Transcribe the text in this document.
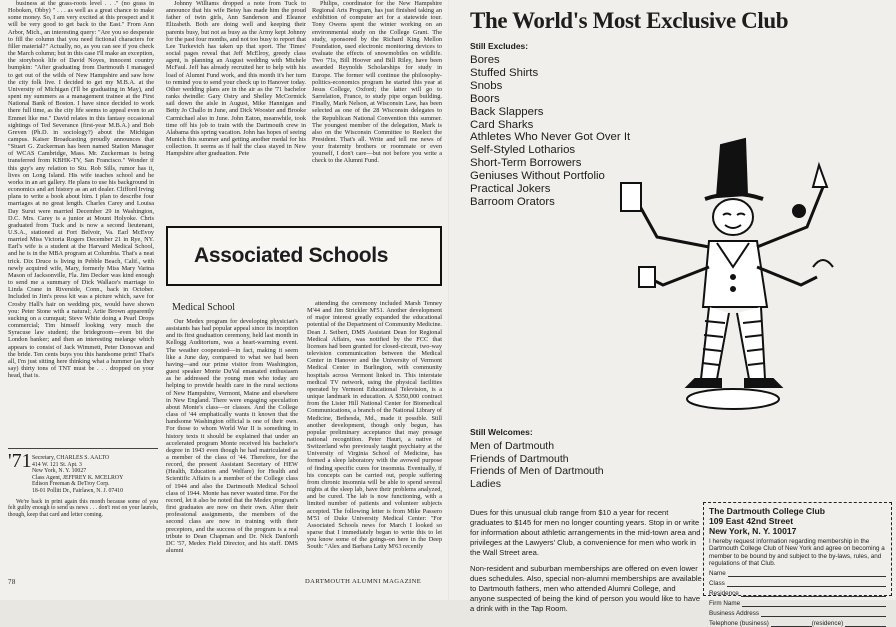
business at the grass-roots level . . ." (no grass in Hoboken, Obby) " . . . as well as a great chance to make some money. So, I am very excited at this prospect and it will be very good to get back to the East." From Ann Arbor, Mich., an interesting query: "Are you so desperate to fill the column that you need fictional characters for filler material?" Actually, no, as you can see if you check the March column; but in this case I'll make an exception, the storybook life of David Noyes, innocent country bumpkin: "After graduating from Dartmouth I managed to get out of the wilds of New Hampshire and saw how the city folk live. I decided to get my M.B.A. at the University of Michigan (I'll be graduating in May), and spent my summers as a management trainee at the First National Bank of Boston. I have since decided to work there full time, as the city life seems to appeal even to an Emmet like me." David relates in this fantasy occasional sightings of Ted Severance (first-year M.B.A.) and Bob Greven (Ph.D. in sociology?) about the Michigan campus. Kaiser Broadcasting proudly announces that "Stuart G. Zuckerman has been named Station Manager of WCAS Cambridge, Mass. Mr. Zuckerman is being transferred from KBHK-TV, San Francisco." Wonder if this guy's any relation to Stu. Rob Sills, rumor has it, lives on Long Island. His wife teaches school and he works in an art gallery. He plans to use his background in economics and art history as an art dealer. Clifford Irving plans to write a book about him. I plan to describe four marriages at no great length. Charles Carey and Louisa Day Surut were married December 29 in Washington, D.C. Mrs. Carey is a junior at Mount Holyoke. Chris graduated from Tuck and is now a second lieutenant, U.S.A., stationed at Fort Belvoir, Va. Earl McEvoy married Miss Victoria Rogers December 21 in Rye, NY. Earl's wife is a student at the Harvard Medical School, and he is in the MBA program at Columbia. That's a neat trick. Dix Druce is living in Pebble Beach, Calif., with newly acquired wife, Mary, formerly Miss Mary Varina Mason of Jacksonville, Fla. Jim Decker was kind enough to send me a summary of Dick Wallace's marriage to Linda Crane in Riverside, Conn., back in October. Included in Jim's press kit was a picture which, save for Crosby Hall's hair on wedding pix, would have shown you: Peter Stone with a natural; Artie Brown apparently sucking on a cumquat; Steve White doing a Pearl Drops commercial; Tim himself looking very much the Syracuse law student; the bridegroom—even bit the London banker; and then an interesting melange which appears to consist of Jack Wimmett, Peter Donovan and the bride. Ten cents buys you this handsome print! That's all, I'm just sitting here thinking what a hummer (as they say) thirty tons of TNT must be . . . dropped on your head, that is.

'71 Secretary, CHARLES S. AALTO
414 W. 121 St. Apt. 3
New York, N. Y. 10027
Class Agent, JEFFREY K. MCELROY
Edison Freeman & DeTroy Corp.
18-01 Pollitt Dr., Fairlawn, N. J. 07410
We're back in print again this month because some of you felt guilty enough to send us news . . . don't rest on your laurels, though, keep that card and letter coming.

Johnny Williams dropped a note from Tuck to announce that his wife Betsy has made him the proud father of twin girls, Ann Sanderson and Eleanor Elizabeth. Both are doing well and keeping their parents busy, but not as busy as the Army kept Johnny for the past four months, and not too busy to report that Lee Turkevich has taken up that sport. The Times' social pages reveal that Jeff McElroy, greedy class agent, is planning an August wedding with Michele McFaul. Jeff has already recruited her to help with his load of Alumni Fund work, and this month it's her turn to remind you to send your check up to Hanover today. Other wedding plans are in the air as the '71 bachelor ranks dwindle: Gary Ostry and Shelley McCormick sail down the aisle in August, Mike Hannigan and Betty Jo Challo in June, and Dick Wooster and Brooke Carmichael also in June. John Eaton, meanwhile, took time off his job to train with the Dartmouth crew in Alabama this spring vacation. John has hopes of seeing Munich this summer and getting another medal for his collection. It seems as if half the class stayed in New Hampshire after graduation. Pete

Philips, coordinator for the New Hampshire Regional Arts Program, has just finished taking an exhibition of computer art for a statewide tour. Tony Owens spent the winter working on an environmental study on the College Grant. The study, sponsored by the Richard King Mellon Foundation, used electronic monitoring devices to evaluate the effects of snowmobiles on wildlife. Two '71s, Bill Hoover and Bill Riley, have been awarded Reynolds Scholarships for study in Europe. The former will continue the philosophy-politics-economics program he started this year at Jesus College, Oxford; the latter will go to Sarrelation, France, to study pipe organ building. Finally, Mark Nelson, at Wisconsin Law, has been selected as one of the 28 Wisconsin delegates to the Republican National Convention this summer. The youngest member of the delegation, Mark is also on the Wisconsin Committee to Reelect the President. That's all. Write and tell me news of your fraternity brothers or roommate or even yourself, I don't care—but not before you write a check to the Alumni Fund.

Associated Schools
Medical School

Our Medex program for developing physician's assistants has had popular appeal since its inception and its first graduation ceremony, held last month in Kellogg Auditorium, was a heart-warming event. The weather cooperated—in fact, making it seem like a June day, compared to what we had been having—and our prime visitor from Washington, guest speaker Monte DuVal emanated enthusiasm as he addressed the young men who today are helping to provide health care in the rural sections of New Hampshire, Vermont, Maine and elsewhere in New England. There were engaging speculation about Monte's class—or classes. And the College class of '44 emphatically wants it known that the handsome Washington official is one of their own. For those to whom World War II is something in history texts it should be explained that under an accelerated program Monte received his bachelor's degree in 1943 even though he had matriculated as a member of the class of '44. Therefore, for the record, the present Assistant Secretary of HEW (Health, Education and Welfare) for Health and Scientific Affairs is a member of the College class of 1944 and also the Dartmouth Medical School class of 1944. Monte has never wasted time. For the record, let it also be noted that the Medex program's first graduates are now on their own. After their professional assignments, the members of the second class are now in training with their preceptors, and the success of the program is a real tribute to Dean Chapman and Dr. Nick Danforth DC '57, Medex Field Director, and his staff. DMS alumni

attending the ceremony included Marsh Tenney M'44 and Jim Strickler M'51. Another development of major interest greatly expanded the educational potential of the Department of Community Medicine. Dean J. Seibert, DMS Assistant Dean for Regional Medical Affairs, was notified by the FCC that licenses had been granted for closed-circuit, two-way television communication between the Medical Center in Hanover and the University of Vermont Medical Center in Burlington, with community hospitals across Vermont linked in. This interstate medical TV network, using the physical facilities operated by Vermont Educational Television, is a unique landmark in education. A $350,000 contract from the Lister Hill National Center for Biomedical Communications, a branch of the National Library of Medicine, Bethesda, Md., made it possible. Still another development, though only begun, has popular preliminary acceptance that may presage national recognition. Peter Hauri, a native of Switzerland who previously taught psychiatry at the University of Virginia School of Medicine, has formed a sleep laboratory with the avowed purpose of finding specific cures for insomnia. Eventually, if his concepts can be carried out, people suffering from chronic insomnia will be able to spend several nights at the sleep lab, have their problems analyzed, and be cured. The lab is now functioning, with a limited number of patients and volunteer subjects accepted. The following letter is from Mike Passero M'51 of Duke University Medical Center: "For Associated Schools news for March I looked so sparse that I immediately began to write this to let you know some of the goings-on here in the Deep South: "Alex and Barbara Latty M'63 recently

78	DARTMOUTH ALUMNI MAGAZINE
The World's Most Exclusive Club
Still Excludes:
Bores
Stuffed Shirts
Snobs
Boors
Back Slappers
Card Sharks
Athletes Who Never Got Over It
Self-Styled Lotharios
Short-Term Borrowers
Geniuses Without Portfolio
Practical Jokers
Barroom Orators
Still Welcomes:
Men of Dartmouth
Friends of Dartmouth
Friends of Men of Dartmouth
Ladies

Dues for this unusual club range from $10 a year for recent graduates to $145 for men no longer counting years. Stop in or write for information about athletic arrangements in the mid-town area and privileges at the Lawyers' Club, a convenience for men who work in the Wall Street area.

Non-resident and suburban memberships are offered on even lower dues schedules. Also, special non-alumni memberships are available to Dartmouth fathers, men who attended Alumni College, and anyone suspected of being the kind of person you would like to have a drink with in the Tap Room.

The Dartmouth College Club
109 East 42nd Street
New York, N. Y. 10017
I hereby request information regarding membership in the Dartmouth College Club of New York and agree on becoming a member to be bound by and subject to the by-laws, rules, and regulations of that Club.
Name
Class
Residence
Firm Name
Business Address
Telephone (business)	(residence)
